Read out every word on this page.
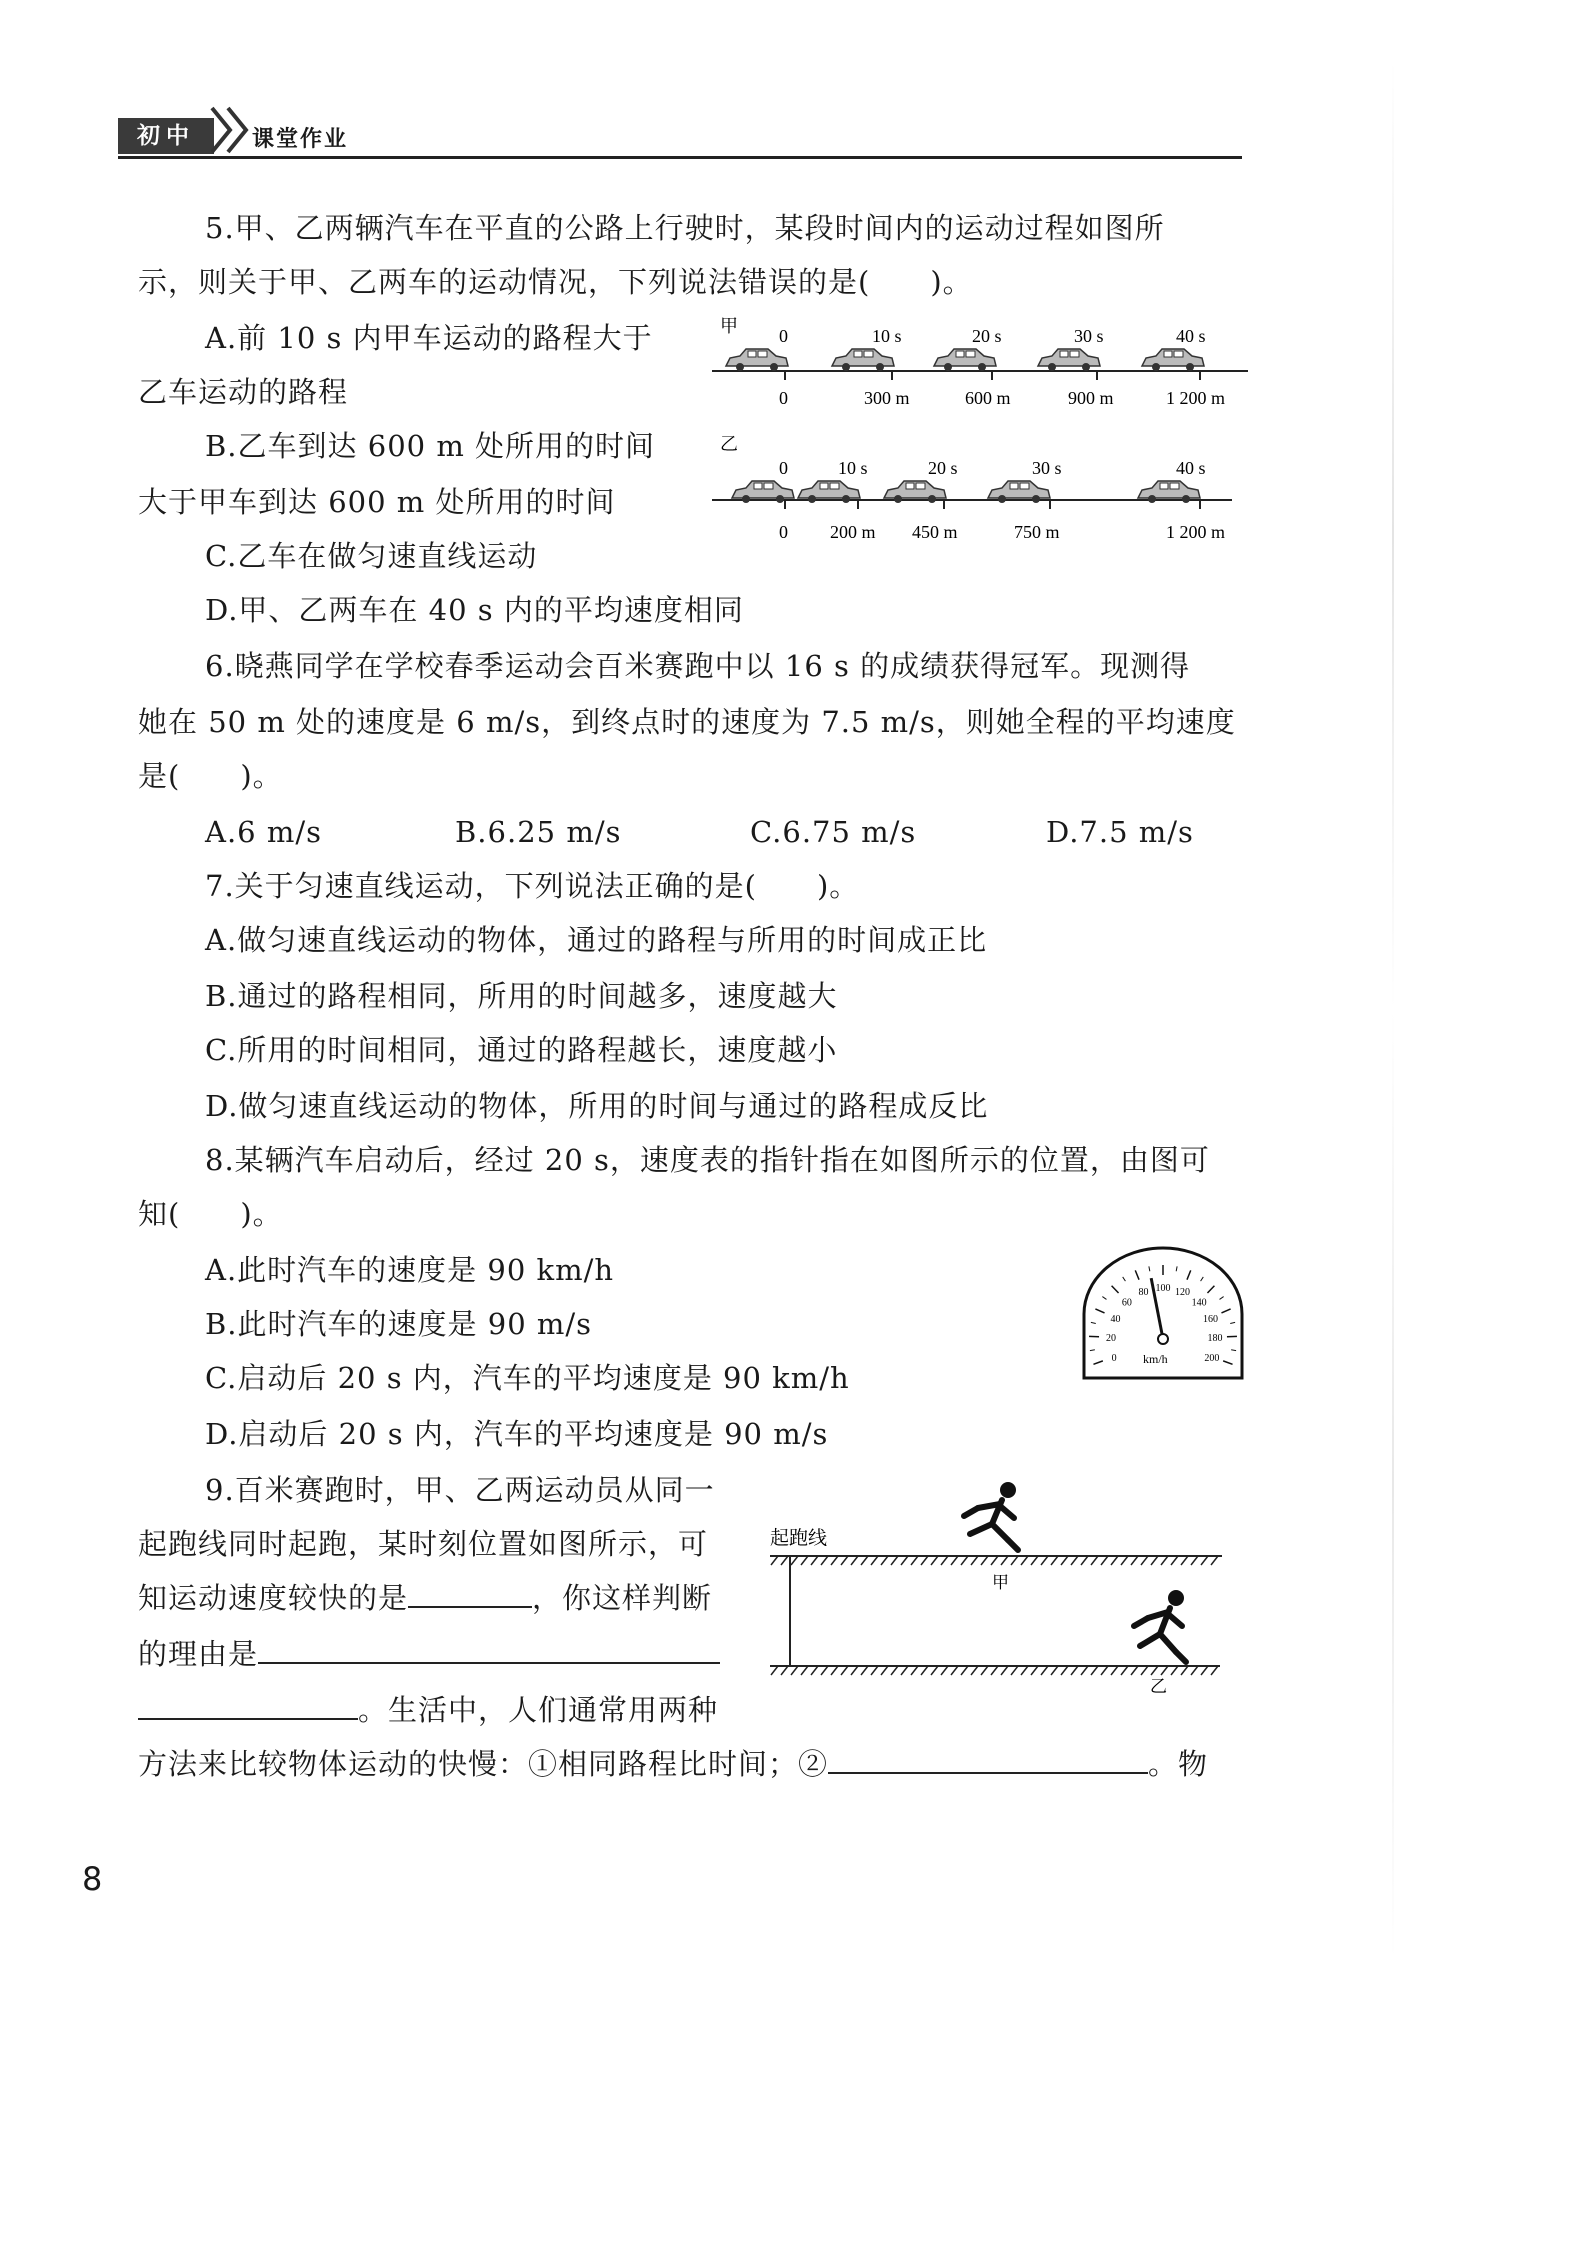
初中	课堂作业
5.甲、乙两辆汽车在平直的公路上行驶时，某段时间内的运动过程如图所
示，则关于甲、乙两车的运动情况，下列说法错误的是(　　)。
A.前 10 s 内甲车运动的路程大于
乙车运动的路程
B.乙车到达 600 m 处所用的时间
大于甲车到达 600 m 处所用的时间
C.乙车在做匀速直线运动
D.甲、乙两车在 40 s 内的平均速度相同
甲 0	10 s	20 s	30 s	40 s
0	300 m	600 m	900 m	1 200 m
乙
0	10 s	20 s	30 s	40 s
0 200 m 450 m	750 m	1 200 m
6.晓燕同学在学校春季运动会百米赛跑中以 16 s 的成绩获得冠军。现测得
她在 50 m 处的速度是 6 m/s，到终点时的速度为 7.5 m/s，则她全程的平均速度
是(　　)。
A.6 m/s	B.6.25 m/s	C.6.75 m/s	D.7.5 m/s
7.关于匀速直线运动，下列说法正确的是(　　)。
A.做匀速直线运动的物体，通过的路程与所用的时间成正比
B.通过的路程相同，所用的时间越多，速度越大
C.所用的时间相同，通过的路程越长，速度越小
D.做匀速直线运动的物体，所用的时间与通过的路程成反比
8.某辆汽车启动后，经过 20 s，速度表的指针指在如图所示的位置，由图可
知(　　)。
A.此时汽车的速度是 90 km/h
B.此时汽车的速度是 90 m/s
C.启动后 20 s 内，汽车的平均速度是 90 km/h
D.启动后 20 s 内，汽车的平均速度是 90 m/s
0
20
40
60
80 100 120
140
160
180
200
km/h
9.百米赛跑时，甲、乙两运动员从同一
起跑线同时起跑，某时刻位置如图所示，可
知运动速度较快的是	，你这样判断
的理由是
。生活中，人们通常用两种
方法来比较物体运动的快慢：①相同路程比时间；②	。物
起跑线
甲
乙
8
